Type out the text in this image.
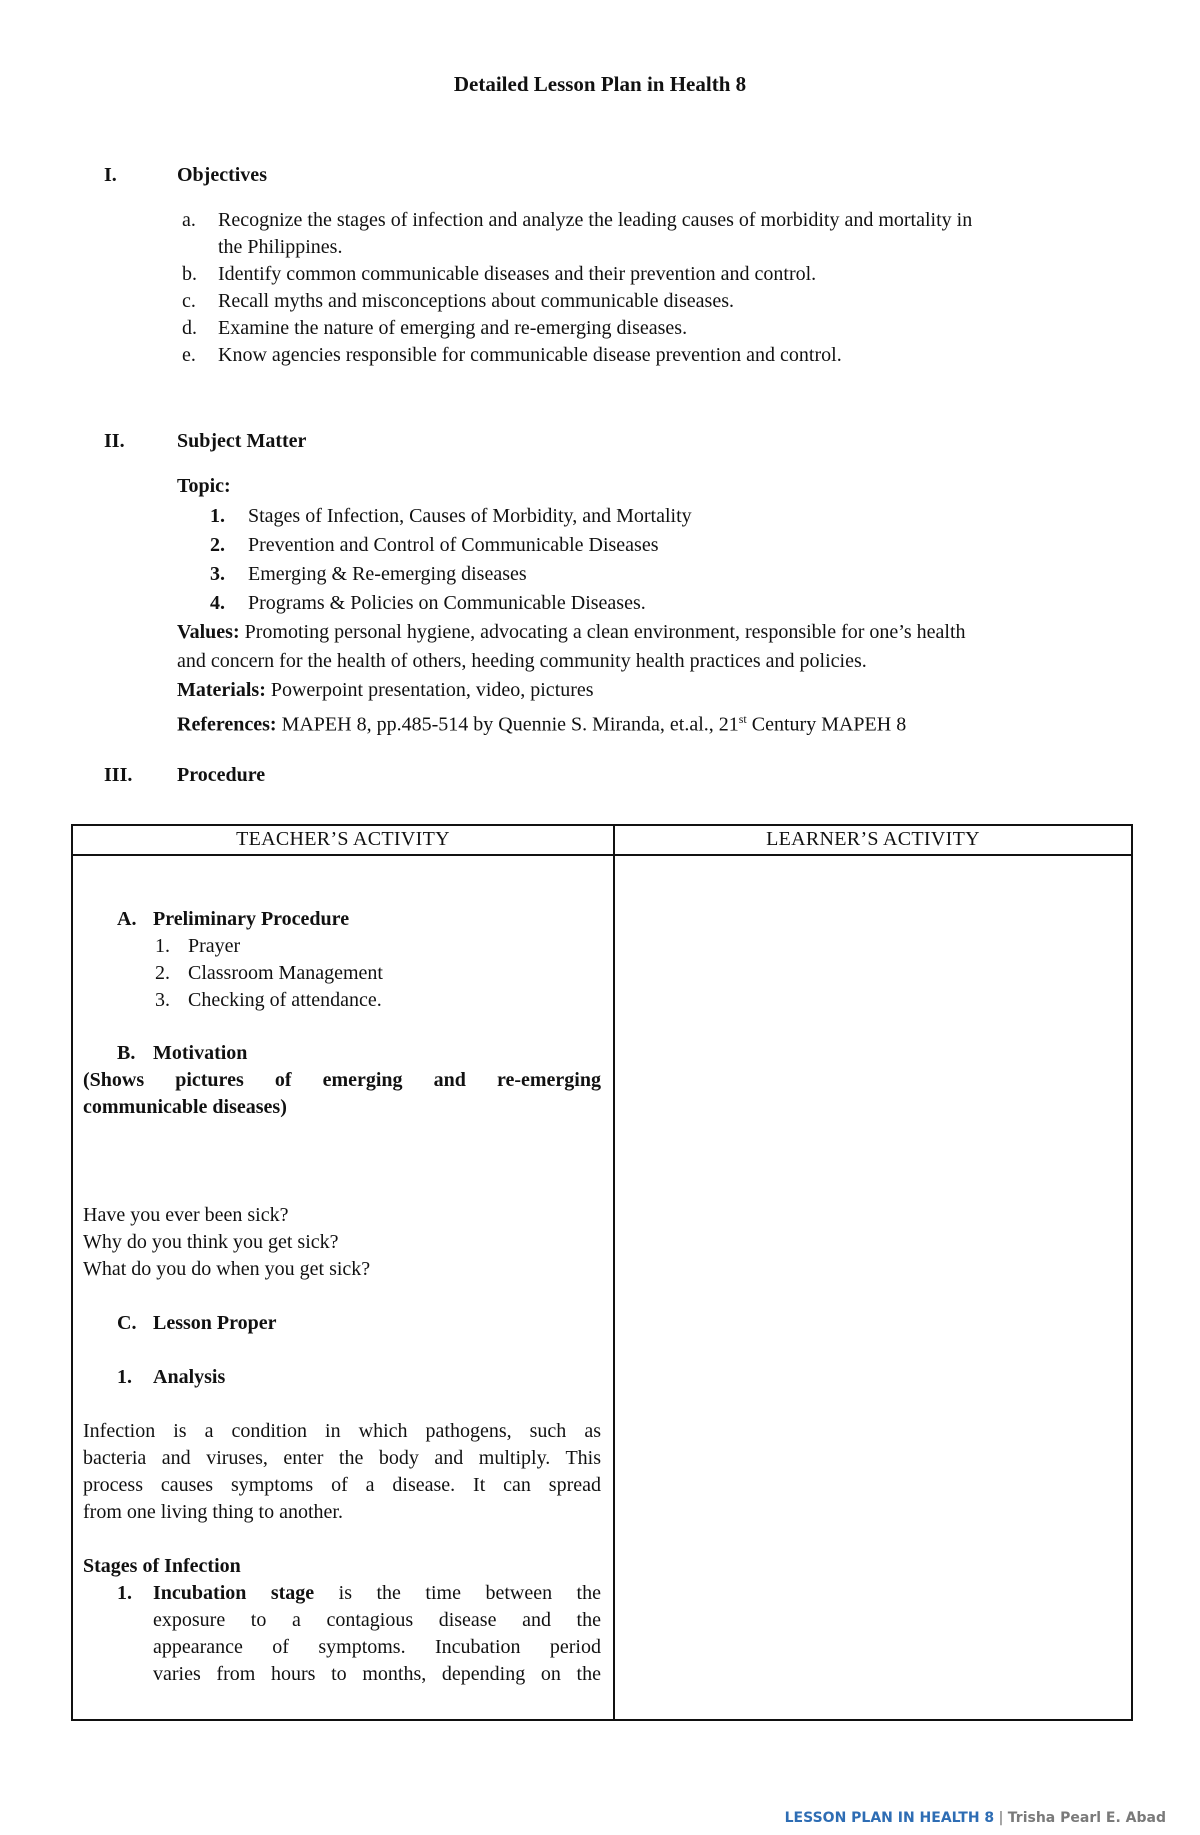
Detailed Lesson Plan in Health 8
I.	Objectives
a. Recognize the stages of infection and analyze the leading causes of morbidity and mortality in
the Philippines.
b. Identify common communicable diseases and their prevention and control.
c. Recall myths and misconceptions about communicable diseases.
d. Examine the nature of emerging and re-emerging diseases.
e. Know agencies responsible for communicable disease prevention and control.
II.	Subject Matter
Topic:
1. Stages of Infection, Causes of Morbidity, and Mortality
2. Prevention and Control of Communicable Diseases
3. Emerging & Re-emerging diseases
4. Programs & Policies on Communicable Diseases.
Values: Promoting personal hygiene, advocating a clean environment, responsible for one’s health
and concern for the health of others, heeding community health practices and policies.
Materials: Powerpoint presentation, video, pictures
References: MAPEH 8, pp.485-514 by Quennie S. Miranda, et.al., 21st Century MAPEH 8
III. Procedure
TEACHER’S ACTIVITY	LEARNER’S ACTIVITY
A. Preliminary Procedure
1. Prayer
2. Classroom Management
3. Checking of attendance.
B. Motivation
(Shows pictures of emerging and re-emerging
communicable diseases)
Have you ever been sick?
Why do you think you get sick?
What do you do when you get sick?
C. Lesson Proper
1. Analysis
Infection is a condition in which pathogens, such as
bacteria and viruses, enter the body and multiply. This
process causes symptoms of a disease. It can spread
from one living thing to another.
Stages of Infection
1. Incubation stage is the time between the
exposure to a contagious disease and the
appearance of symptoms. Incubation period
varies from hours to months, depending on the
LESSON PLAN IN HEALTH 8 | Trisha Pearl E. Abad
